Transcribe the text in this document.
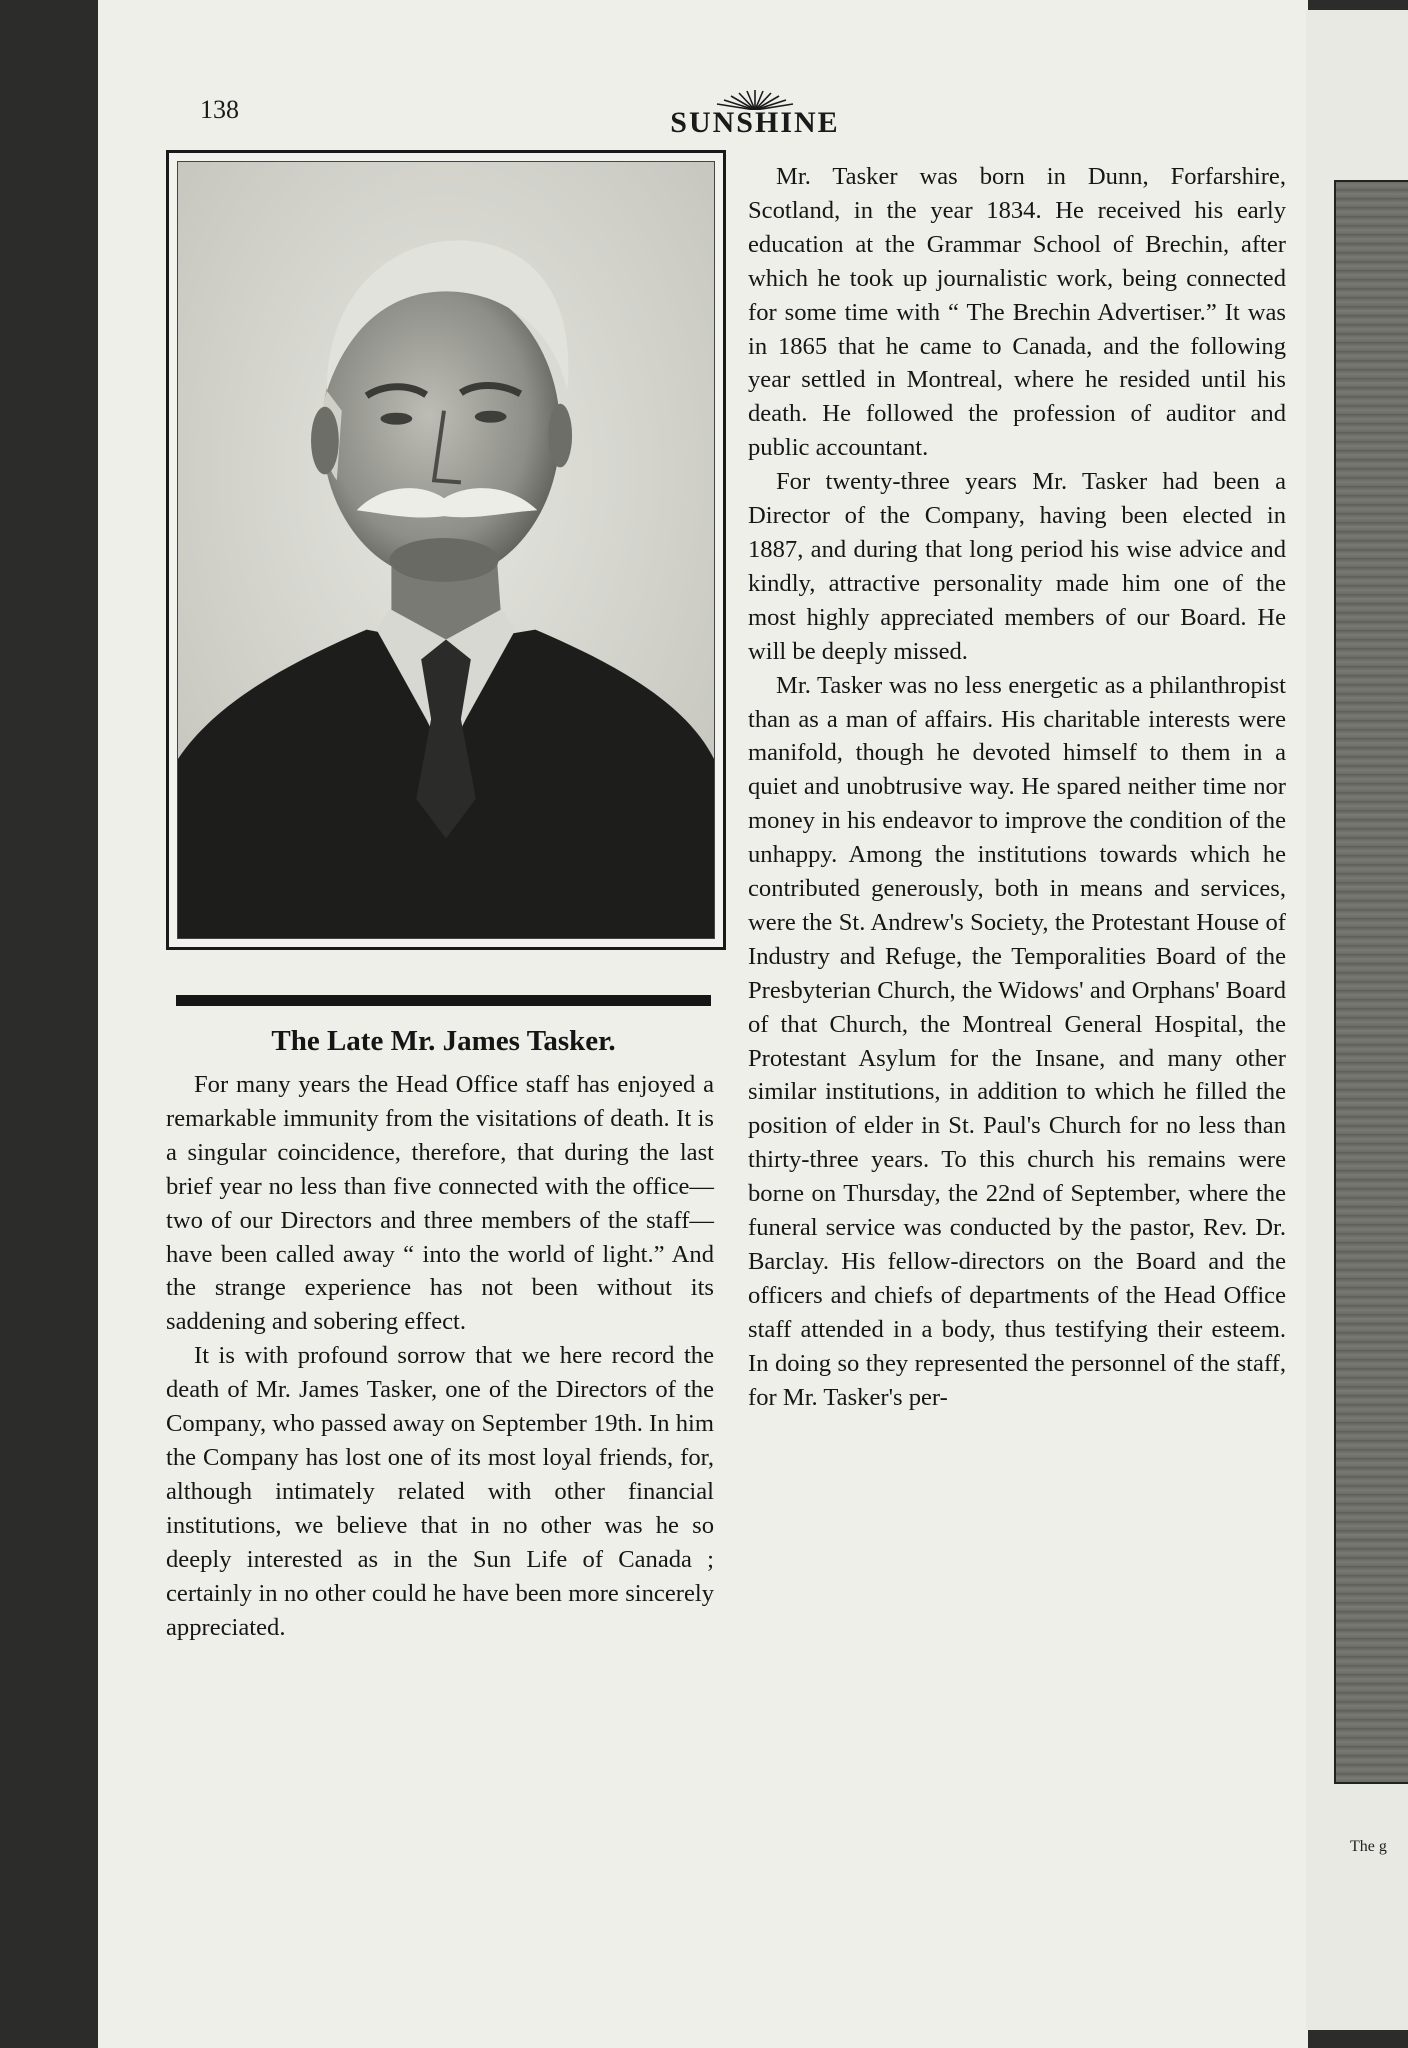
The g
138	SUNSHINE
The Late Mr. James Tasker.

For many years the Head Office staff has enjoyed a remarkable immunity from the visitations of death. It is a singular coincidence, therefore, that during the last brief year no less than five connected with the office—two of our Directors and three members of the staff—have been called away “ into the world of light.” And the strange experience has not been without its saddening and sobering effect.

It is with profound sorrow that we here record the death of Mr. James Tasker, one of the Directors of the Company, who passed away on September 19th. In him the Company has lost one of its most loyal friends, for, although intimately related with other financial institutions, we believe that in no other was he so deeply interested as in the Sun Life of Canada ; certainly in no other could he have been more sincerely appreciated.

Mr. Tasker was born in Dunn, Forfarshire, Scotland, in the year 1834. He received his early education at the Grammar School of Brechin, after which he took up journalistic work, being connected for some time with “ The Brechin Advertiser.” It was in 1865 that he came to Canada, and the following year settled in Montreal, where he resided until his death. He followed the profession of auditor and public accountant.

For twenty-three years Mr. Tasker had been a Director of the Company, having been elected in 1887, and during that long period his wise advice and kindly, attractive personality made him one of the most highly appreciated members of our Board. He will be deeply missed.

Mr. Tasker was no less energetic as a philanthropist than as a man of affairs. His charitable interests were manifold, though he devoted himself to them in a quiet and unobtrusive way. He spared neither time nor money in his endeavor to improve the condition of the unhappy. Among the institutions towards which he contributed generously, both in means and services, were the St. Andrew's Society, the Protestant House of Industry and Refuge, the Temporalities Board of the Presbyterian Church, the Widows' and Orphans' Board of that Church, the Montreal General Hospital, the Protestant Asylum for the Insane, and many other similar institutions, in addition to which he filled the position of elder in St. Paul's Church for no less than thirty-three years. To this church his remains were borne on Thursday, the 22nd of September, where the funeral service was conducted by the pastor, Rev. Dr. Barclay. His fellow-directors on the Board and the officers and chiefs of departments of the Head Office staff attended in a body, thus testifying their esteem. In doing so they represented the personnel of the staff, for Mr. Tasker's per-
